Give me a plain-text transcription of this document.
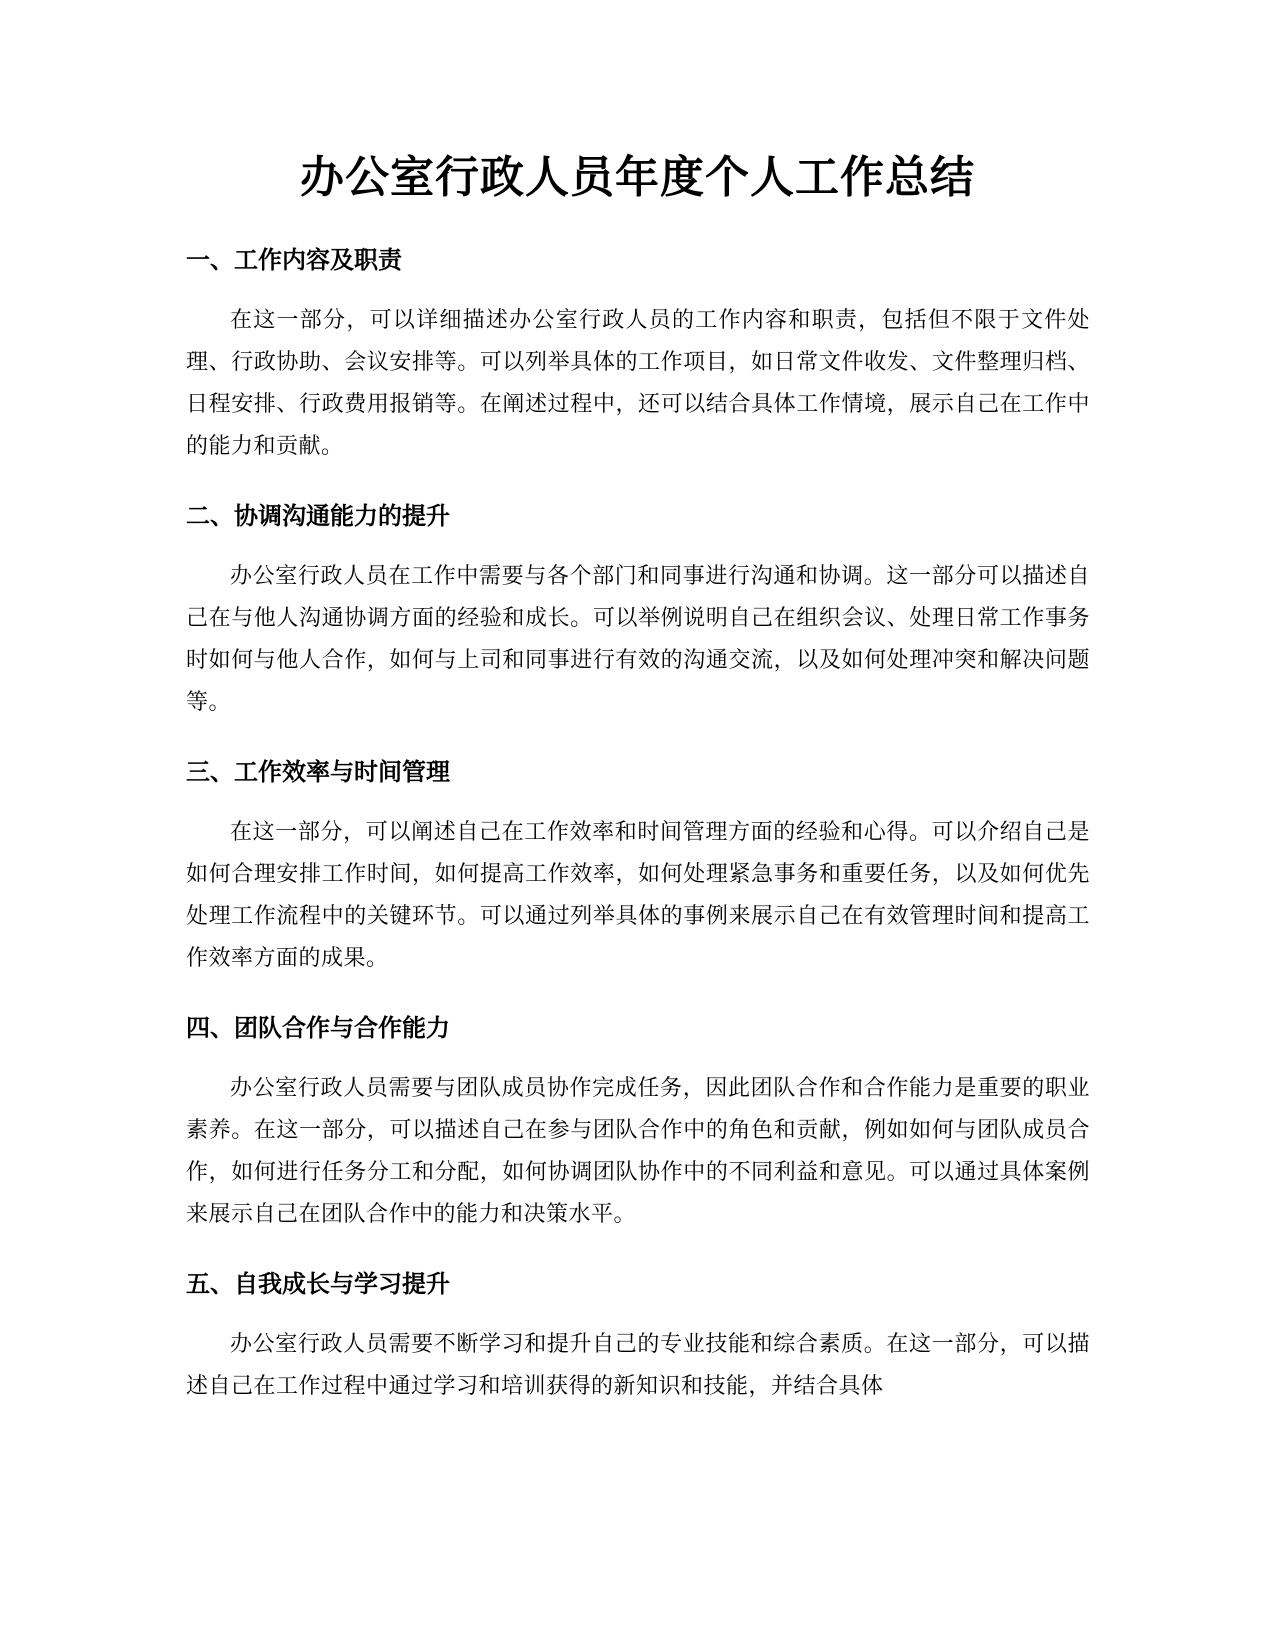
办公室行政人员年度个人工作总结
一、工作内容及职责

在这一部分，可以详细描述办公室行政人员的工作内容和职责，包括但不限于文件处理、行政协助、会议安排等。可以列举具体的工作项目，如日常文件收发、文件整理归档、日程安排、行政费用报销等。在阐述过程中，还可以结合具体工作情境，展示自己在工作中的能力和贡献。

二、协调沟通能力的提升

办公室行政人员在工作中需要与各个部门和同事进行沟通和协调。这一部分可以描述自己在与他人沟通协调方面的经验和成长。可以举例说明自己在组织会议、处理日常工作事务时如何与他人合作，如何与上司和同事进行有效的沟通交流，以及如何处理冲突和解决问题等。

三、工作效率与时间管理

在这一部分，可以阐述自己在工作效率和时间管理方面的经验和心得。可以介绍自己是如何合理安排工作时间，如何提高工作效率，如何处理紧急事务和重要任务，以及如何优先处理工作流程中的关键环节。可以通过列举具体的事例来展示自己在有效管理时间和提高工作效率方面的成果。

四、团队合作与合作能力

办公室行政人员需要与团队成员协作完成任务，因此团队合作和合作能力是重要的职业素养。在这一部分，可以描述自己在参与团队合作中的角色和贡献，例如如何与团队成员合作，如何进行任务分工和分配，如何协调团队协作中的不同利益和意见。可以通过具体案例来展示自己在团队合作中的能力和决策水平。

五、自我成长与学习提升

办公室行政人员需要不断学习和提升自己的专业技能和综合素质。在这一部分，可以描述自己在工作过程中通过学习和培训获得的新知识和技能，并结合具体
